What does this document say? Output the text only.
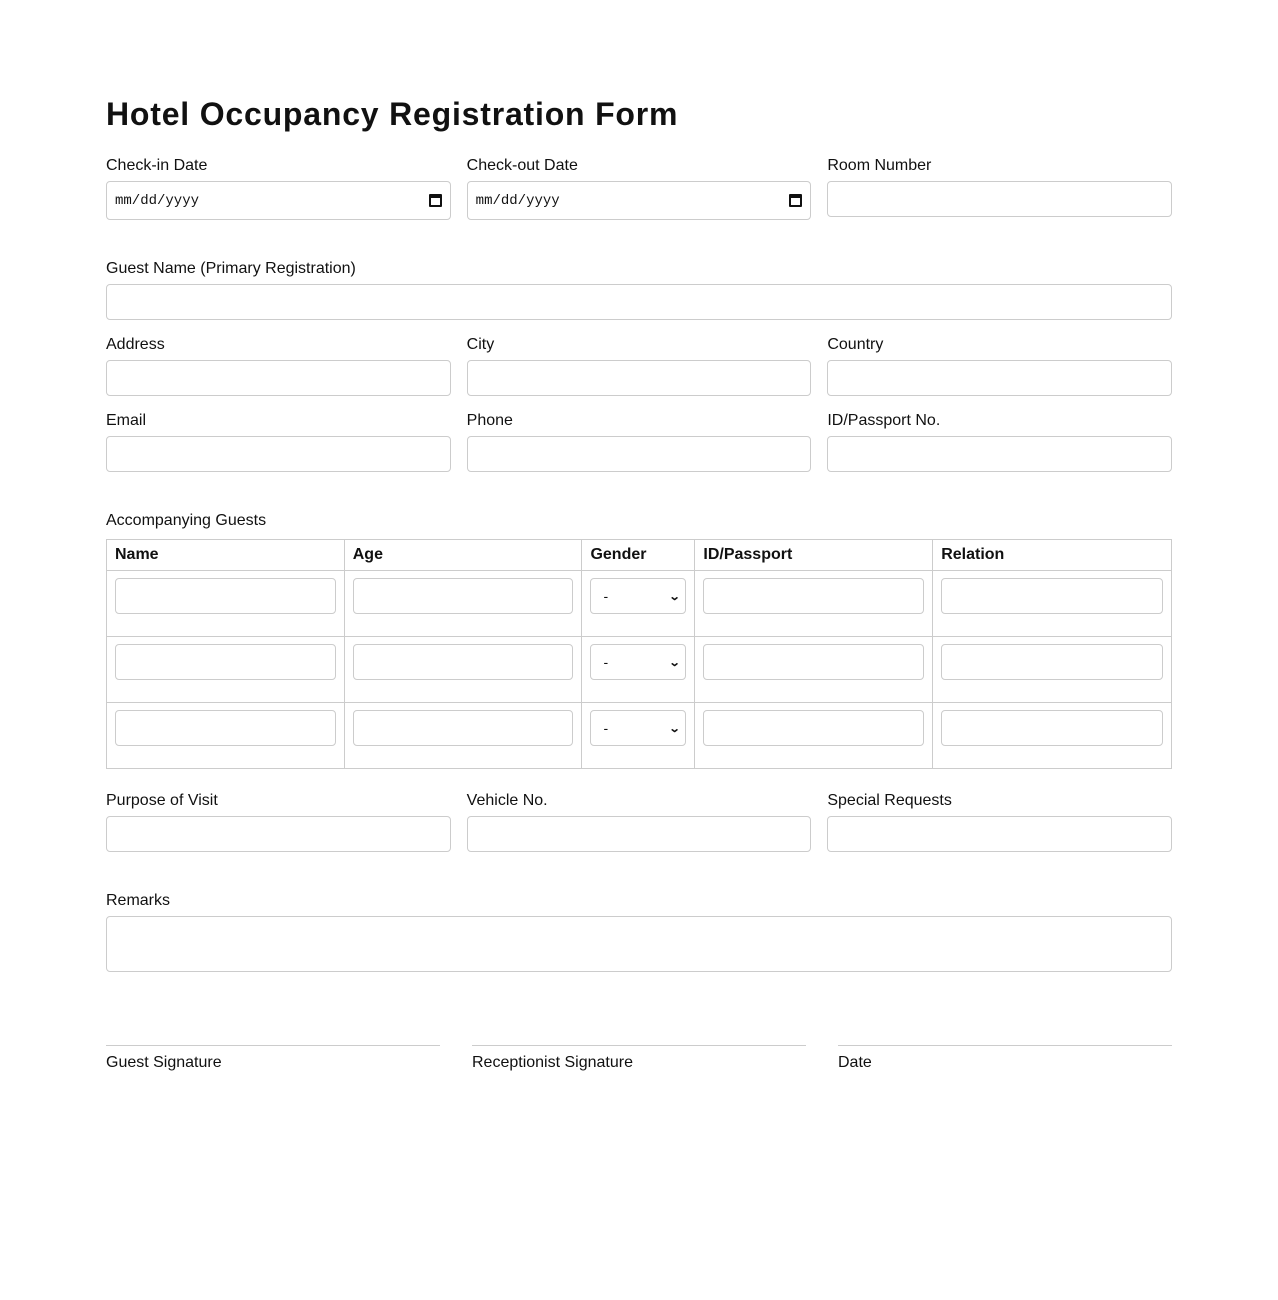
Hotel Occupancy Registration Form
Check-in Date
mm/dd/yyyy
Check-out Date
mm/dd/yyyy
Room Number
Guest Name (Primary Registration)
Address	City	Country
Email	Phone	ID/Passport No.
Accompanying Guests
Name	Age	Gender	ID/Passport	Relation

		- ⌄		

		- ⌄		

		- ⌄		

Purpose of Visit	Vehicle No.	Special Requests
Remarks
Guest Signature	Receptionist Signature	Date
